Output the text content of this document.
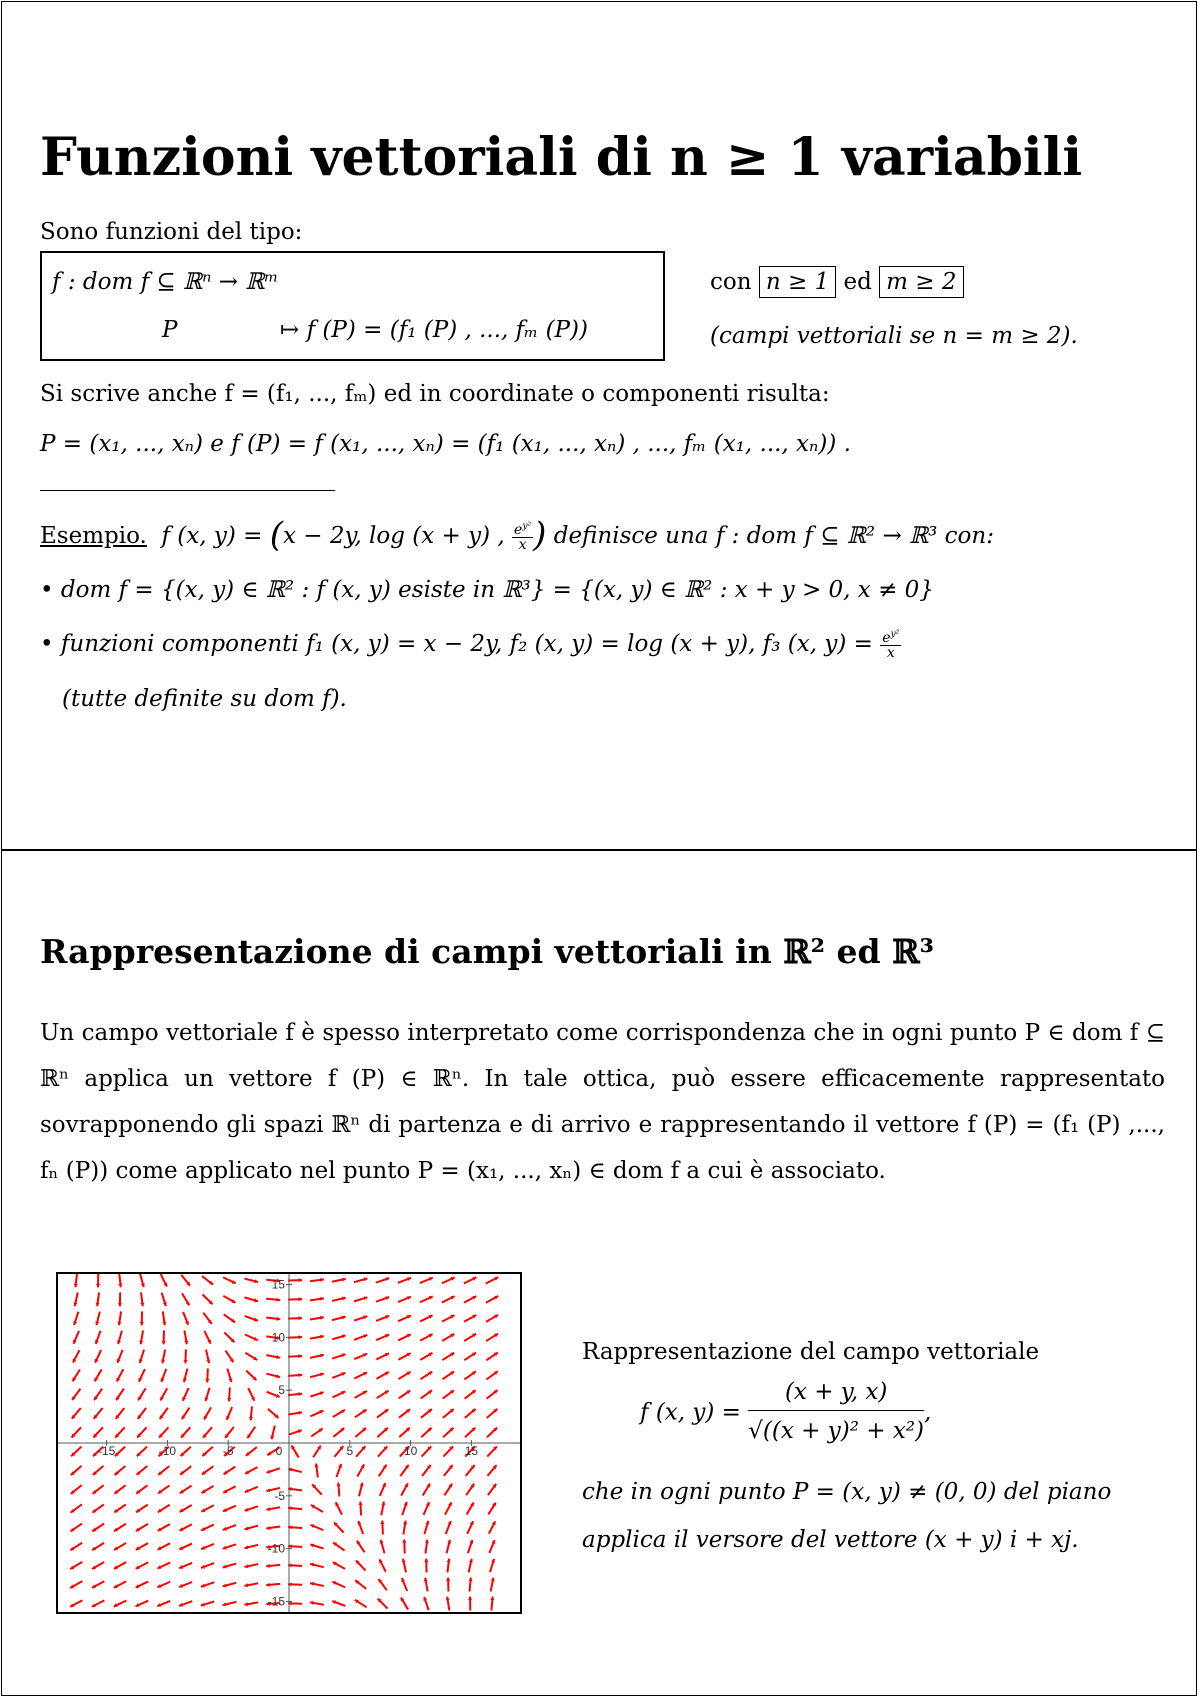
Funzioni vettoriali di n ≥ 1 variabili
Sono funzioni del tipo:
f : dom f ⊆ ℝⁿ → ℝᵐ
P	↦ f (P) = (f₁ (P) , ..., fₘ (P))
con n ≥ 1 ed m ≥ 2
(campi vettoriali se n = m ≥ 2).
Si scrive anche f = (f₁, ..., fₘ) ed in coordinate o componenti risulta:
P = (x₁, ..., xₙ) e f (P) = f (x₁, ..., xₙ) = (f₁ (x₁, ..., xₙ) , ..., fₘ (x₁, ..., xₙ)) .
Esempio.  f (x, y) = (x − 2y, log (x + y) , $\frac{e^{y^2}}{x}$ ) definisce una f : dom f ⊆ ℝ² → ℝ³ con:
• dom f = {(x, y) ∈ ℝ² : f (x, y) esiste in ℝ³} = {(x, y) ∈ ℝ² : x + y > 0, x ≠ 0}
• funzioni componenti f₁ (x, y) = x − 2y, f₂ (x, y) = log (x + y), f₃ (x, $y) = \frac{e^{y^2}}{x}$
(tutte definite su dom f).
Rappresentazione di campi vettoriali in ℝ² ed ℝ³
Un campo vettoriale f è spesso interpretato come corrispondenza che in ogni punto P ∈ dom f ⊆ ℝⁿ applica un vettore f (P) ∈ ℝⁿ. In tale ottica, può essere efficacemente rappresentato sovrapponendo gli spazi ℝⁿ di partenza e di arrivo e rappresentando il vettore f (P) = (f₁ (P) ,..., fₙ (P)) come applicato nel punto P = (x₁, ..., xₙ) ∈ dom f a cui è associato.
-15	-10	-5	0	5	10	15
15
10
5
-5
-10
-15
Rappresentazione del campo vettoriale
f (x, $y) = \frac{(x + y, x)}{\text{√((x + y)² + x²)}}$ ,
che in ogni punto P = (x, y) ≠ (0, 0) del piano
applica il versore del vettore (x + y) i + xj.
